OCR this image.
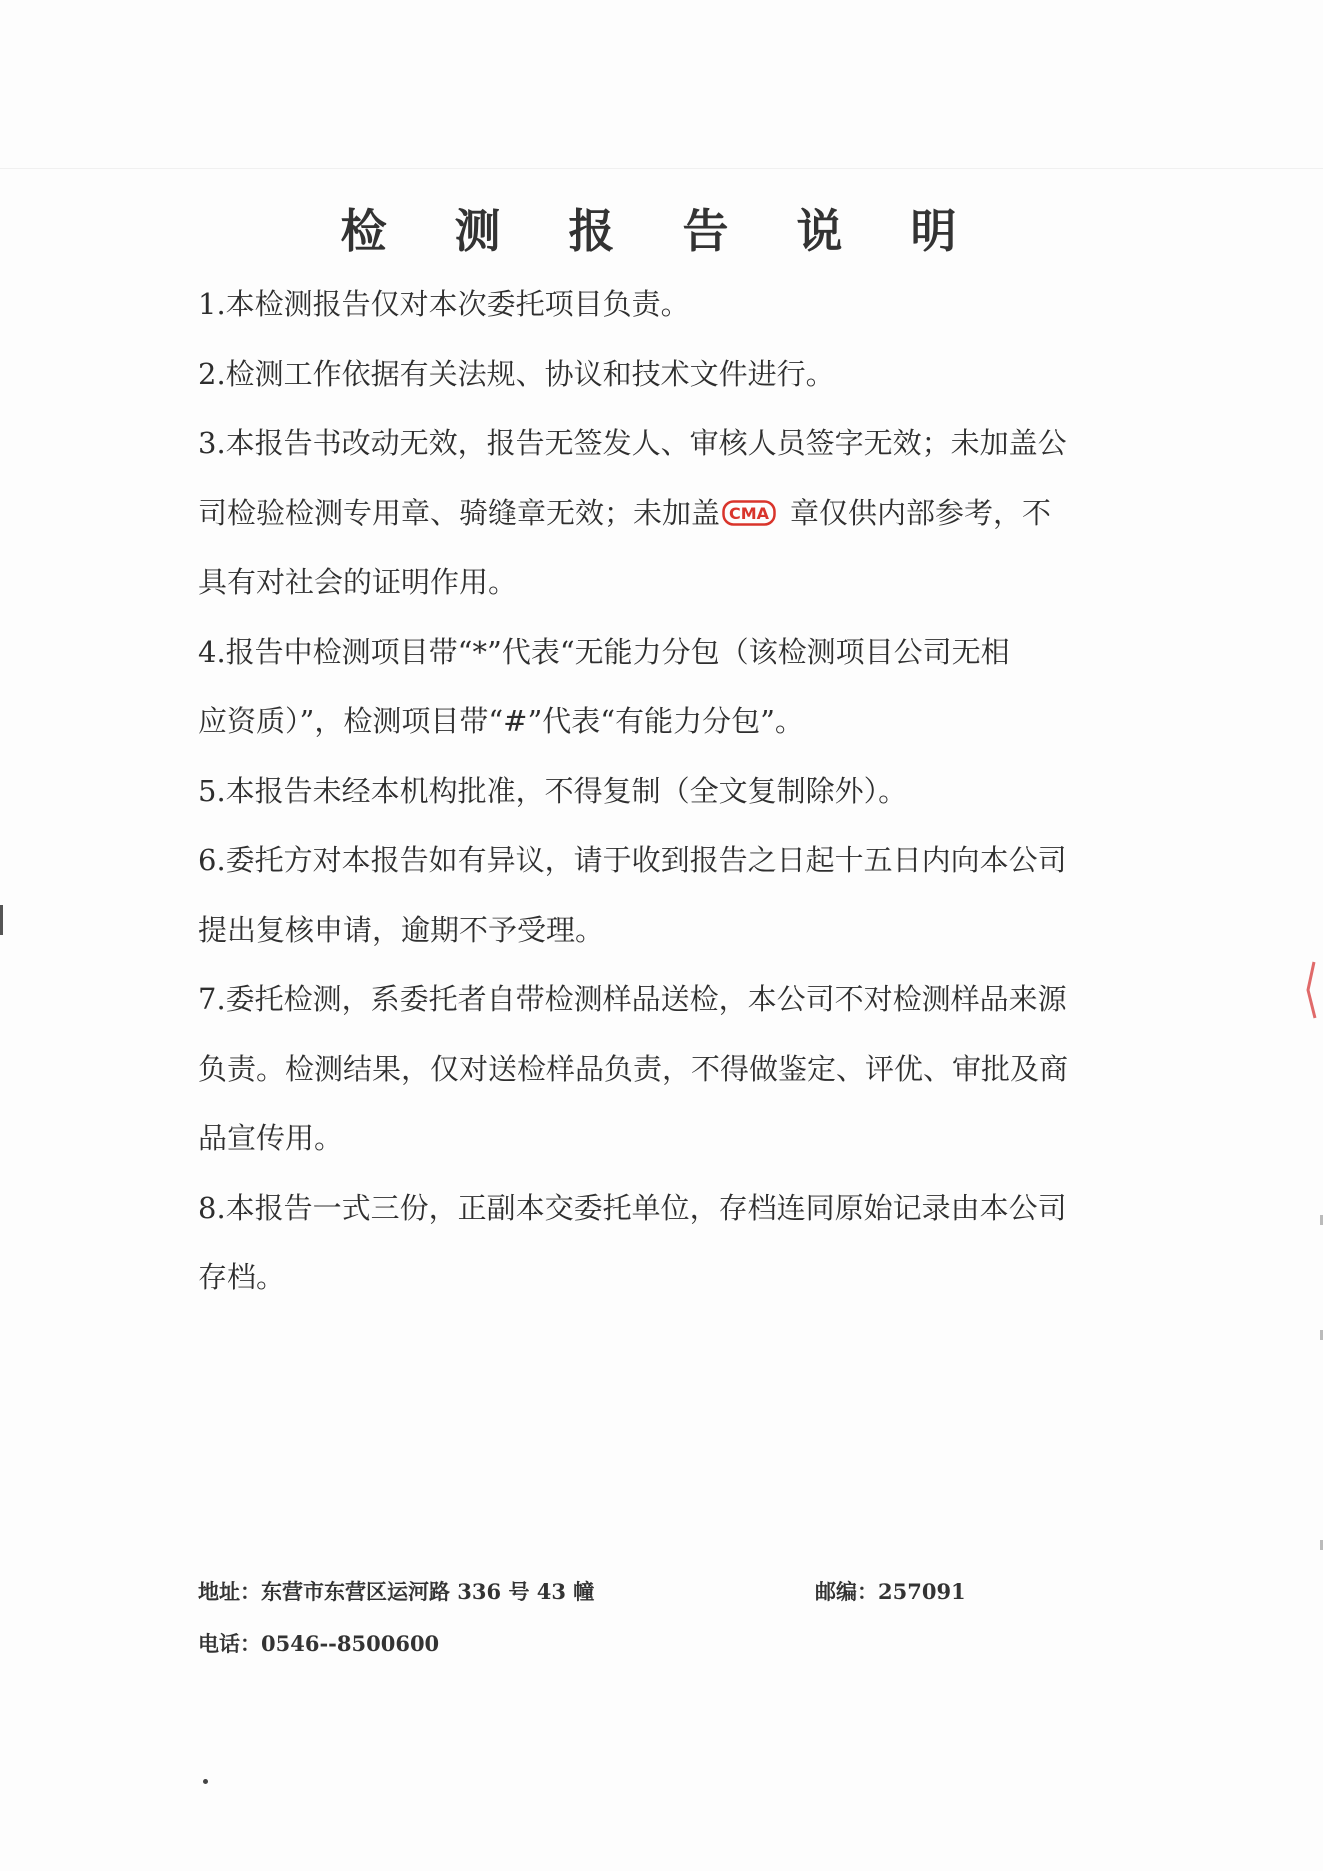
检 测 报 告 说 明
1.本检测报告仅对本次委托项目负责。
2.检测工作依据有关法规、协议和技术文件进行。
3.本报告书改动无效，报告无签发人、审核人员签字无效；未加盖公
司检验检测专用章、骑缝章无效；未加盖 CMA 章仅供内部参考，不
具有对社会的证明作用。
4.报告中检测项目带“*”代表“无能力分包（该检测项目公司无相
应资质）”，检测项目带“#”代表“有能力分包”。
5.本报告未经本机构批准，不得复制（全文复制除外）。
6.委托方对本报告如有异议，请于收到报告之日起十五日内向本公司
提出复核申请，逾期不予受理。
7.委托检测，系委托者自带检测样品送检，本公司不对检测样品来源
负责。检测结果，仅对送检样品负责，不得做鉴定、评优、审批及商
品宣传用。
8.本报告一式三份，正副本交委托单位，存档连同原始记录由本公司
存档。
地址：东营市东营区运河路 336 号 43 幢	邮编：257091
电话：0546--8500600
